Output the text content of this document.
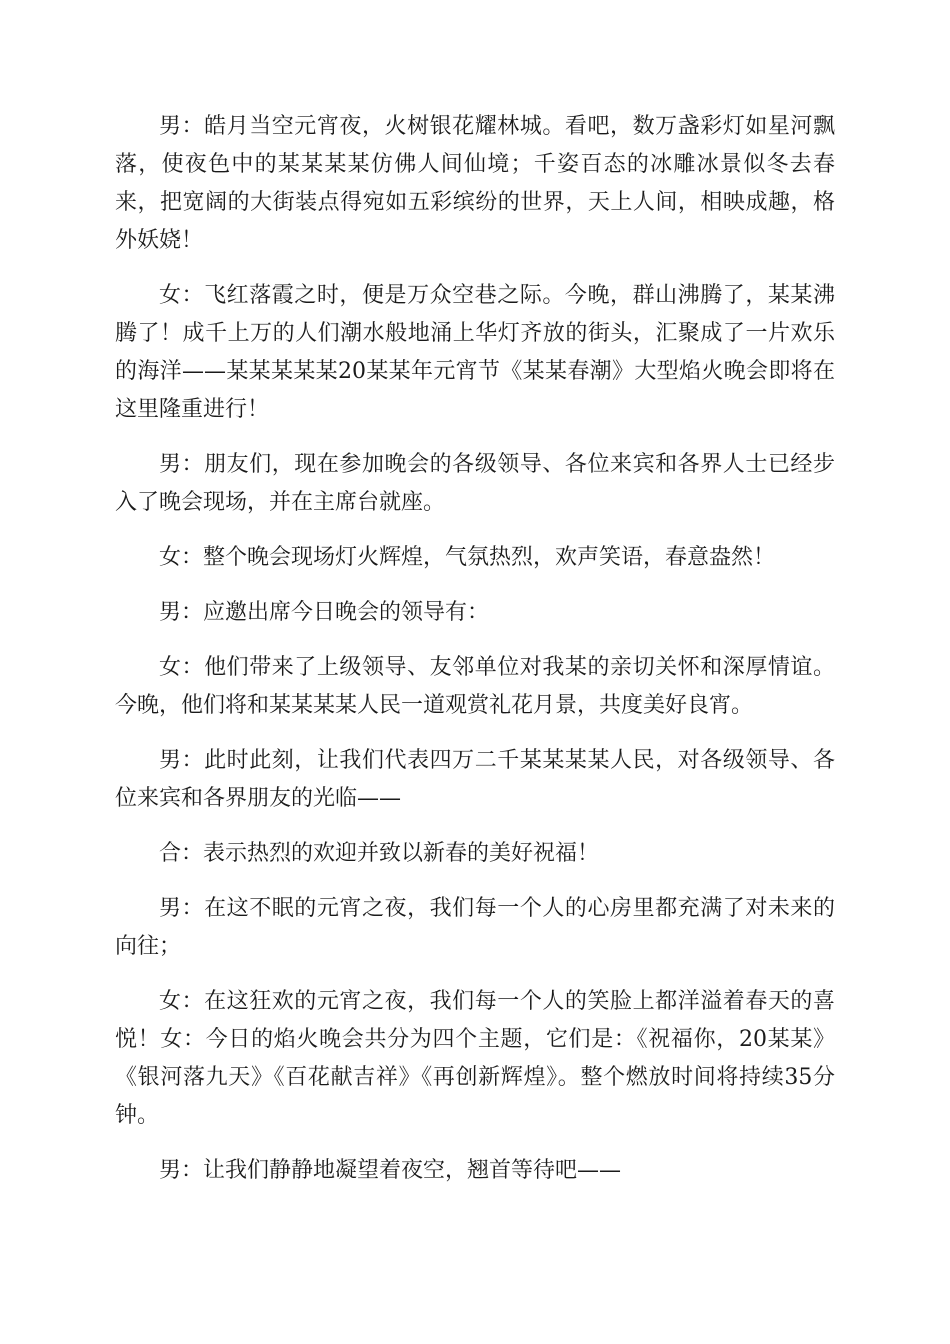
男：皓月当空元宵夜，火树银花耀林城。看吧，数万盏彩灯如星河飘落，使夜色中的某某某某仿佛人间仙境；千姿百态的冰雕冰景似冬去春来，把宽阔的大街装点得宛如五彩缤纷的世界，天上人间，相映成趣，格外妖娆！

女：飞红落霞之时，便是万众空巷之际。今晚，群山沸腾了，某某沸腾了！成千上万的人们潮水般地涌上华灯齐放的街头，汇聚成了一片欢乐的海洋——某某某某某20某某年元宵节《某某春潮》大型焰火晚会即将在这里隆重进行！

男：朋友们，现在参加晚会的各级领导、各位来宾和各界人士已经步入了晚会现场，并在主席台就座。

女：整个晚会现场灯火辉煌，气氛热烈，欢声笑语，春意盎然！

男：应邀出席今日晚会的领导有：

女：他们带来了上级领导、友邻单位对我某的亲切关怀和深厚情谊。今晚，他们将和某某某某人民一道观赏礼花月景，共度美好良宵。

男：此时此刻，让我们代表四万二千某某某某人民，对各级领导、各位来宾和各界朋友的光临——

合：表示热烈的欢迎并致以新春的美好祝福！

男：在这不眠的元宵之夜，我们每一个人的心房里都充满了对未来的向往；

女：在这狂欢的元宵之夜，我们每一个人的笑脸上都洋溢着春天的喜悦！女：今日的焰火晚会共分为四个主题，它们是：《祝福你，20某某》《银河落九天》《百花献吉祥》《再创新辉煌》。整个燃放时间将持续35分钟。

男：让我们静静地凝望着夜空，翘首等待吧——
